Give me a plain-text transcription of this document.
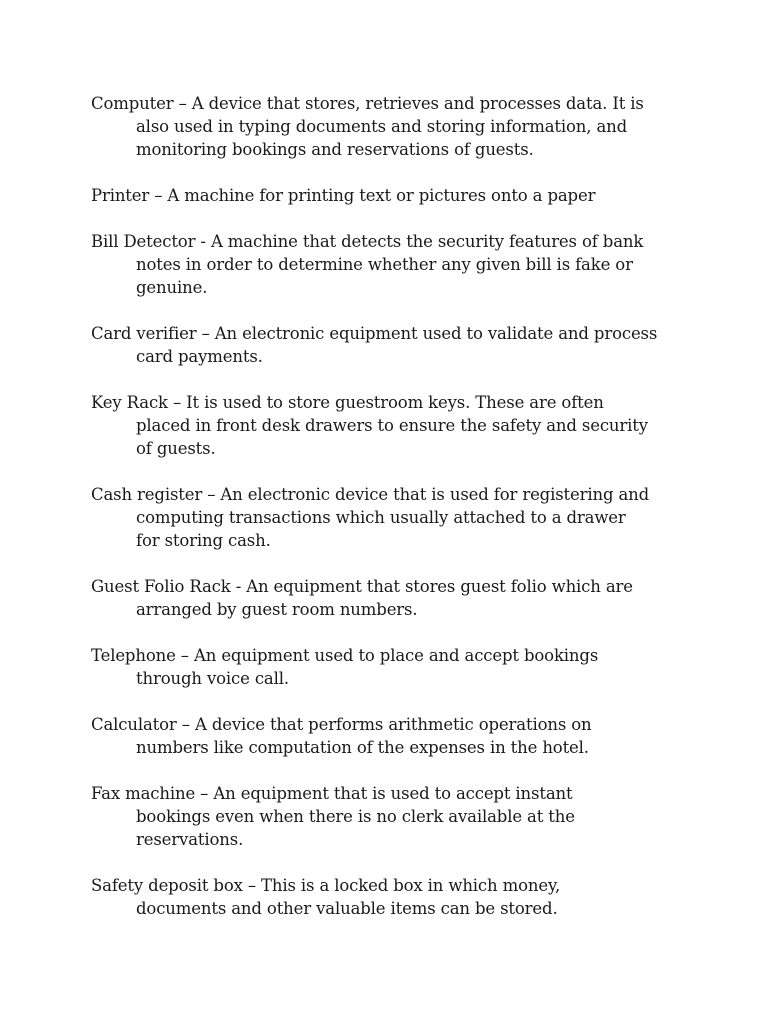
Computer – A device that stores, retrieves and processes data. It is
also used in typing documents and storing information, and
monitoring bookings and reservations of guests.
Printer – A machine for printing text or pictures onto a paper
Bill Detector - A machine that detects the security features of bank
notes in order to determine whether any given bill is fake or
genuine.
Card verifier – An electronic equipment used to validate and process
card payments.
Key Rack – It is used to store guestroom keys. These are often
placed in front desk drawers to ensure the safety and security
of guests.
Cash register – An electronic device that is used for registering and
computing transactions which usually attached to a drawer
for storing cash.
Guest Folio Rack - An equipment that stores guest folio which are
arranged by guest room numbers.
Telephone – An equipment used to place and accept bookings
through voice call.
Calculator – A device that performs arithmetic operations on
numbers like computation of the expenses in the hotel.
Fax machine – An equipment that is used to accept instant
bookings even when there is no clerk available at the
reservations.
Safety deposit box – This is a locked box in which money,
documents and other valuable items can be stored.
